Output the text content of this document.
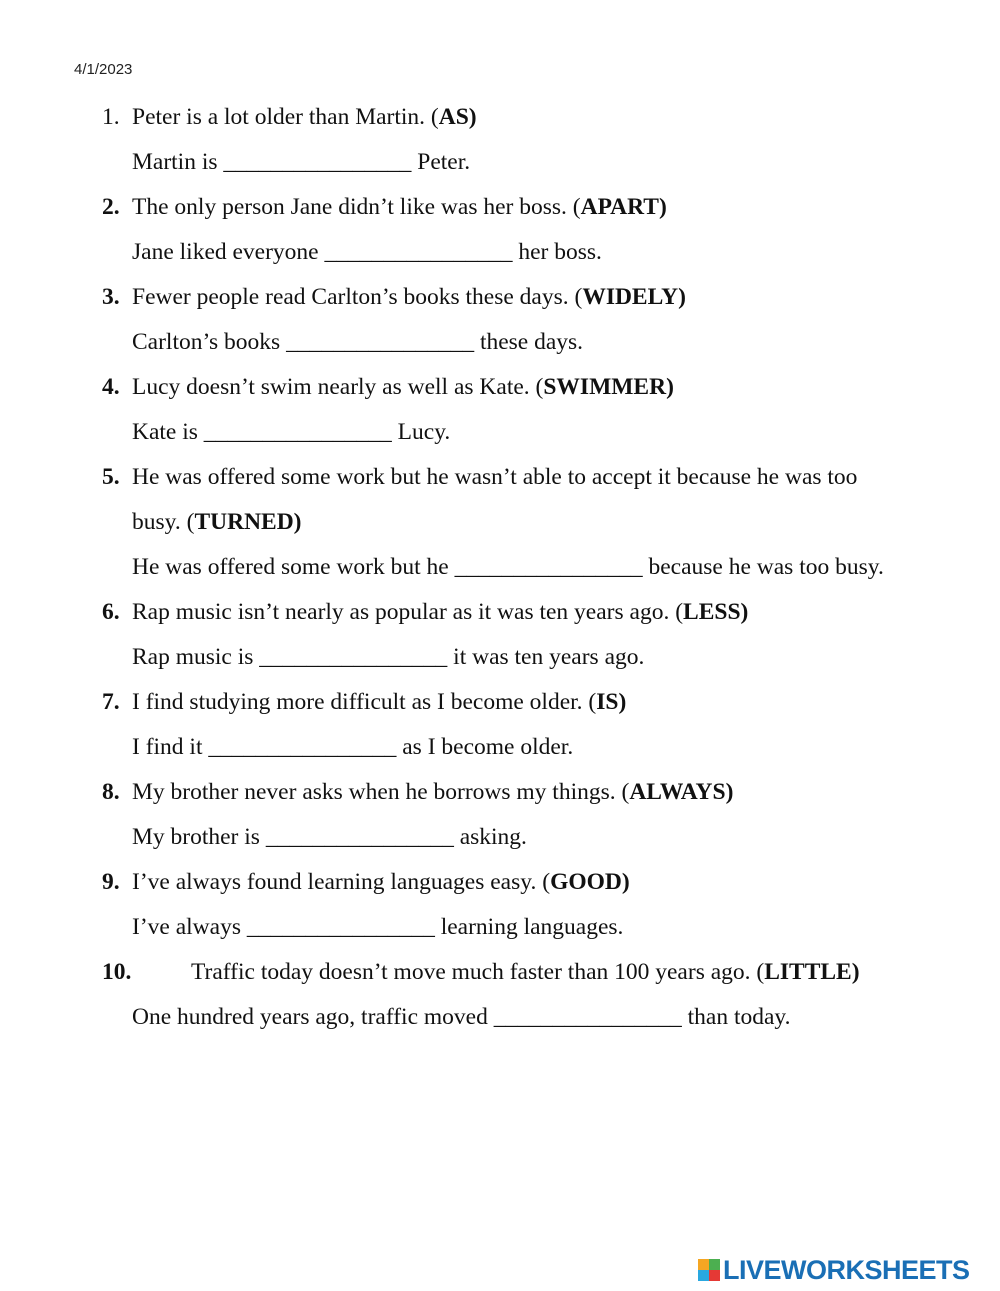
4/1/2023
1. Peter is a lot older than Martin. (AS)
Martin is ________________ Peter.
2. The only person Jane didn’t like was her boss. (APART)
Jane liked everyone ________________ her boss.
3. Fewer people read Carlton’s books these days. (WIDELY)
Carlton’s books ________________ these days.
4. Lucy doesn’t swim nearly as well as Kate. (SWIMMER)
Kate is ________________ Lucy.
5. He was offered some work but he wasn’t able to accept it because he was too
busy. (TURNED)
He was offered some work but he ________________ because he was too busy.
6. Rap music isn’t nearly as popular as it was ten years ago. (LESS)
Rap music is ________________ it was ten years ago.
7. I find studying more difficult as I become older. (IS)
I find it ________________ as I become older.
8. My brother never asks when he borrows my things. (ALWAYS)
My brother is ________________ asking.
9. I’ve always found learning languages easy. (GOOD)
I’ve always ________________ learning languages.
10.	Traffic today doesn’t move much faster than 100 years ago. (LITTLE)
One hundred years ago, traffic moved ________________ than today.
LIVEWORKSHEETS
